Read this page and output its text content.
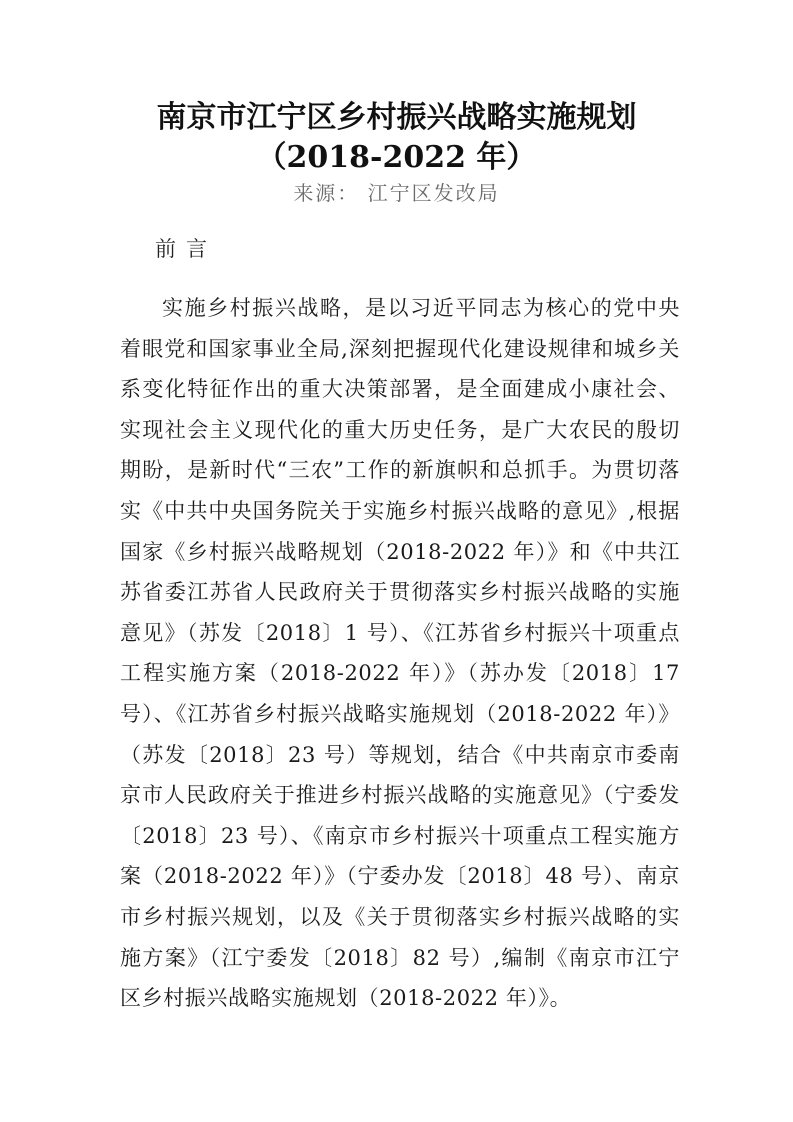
南京市江宁区乡村振兴战略实施规划
（2018-2022 年）
来源： 江宁区发改局
前言

实施乡村振兴战略，是以习近平同志为核心的党中央着眼党和国家事业全局,深刻把握现代化建设规律和城乡关系变化特征作出的重大决策部署，是全面建成小康社会、实现社会主义现代化的重大历史任务，是广大农民的殷切期盼，是新时代“三农”工作的新旗帜和总抓手。为贯切落实《中共中央国务院关于实施乡村振兴战略的意见》,根据国家《乡村振兴战略规划（2018-2022 年）》和《中共江苏省委江苏省人民政府关于贯彻落实乡村振兴战略的实施意见》（苏发〔2018〕1 号）、《江苏省乡村振兴十项重点工程实施方案（2018-2022 年）》（苏办发〔2018〕17 号）、《江苏省乡村振兴战略实施规划（2018-2022 年）》（苏发〔2018〕23 号）等规划，结合《中共南京市委南京市人民政府关于推进乡村振兴战略的实施意见》（宁委发〔2018〕23 号）、《南京市乡村振兴十项重点工程实施方案（2018-2022 年）》（宁委办发〔2018〕48 号）、南京市乡村振兴规划，以及《关于贯彻落实乡村振兴战略的实施方案》（江宁委发〔2018〕82 号）,编制《南京市江宁区乡村振兴战略实施规划（2018-2022 年）》。
